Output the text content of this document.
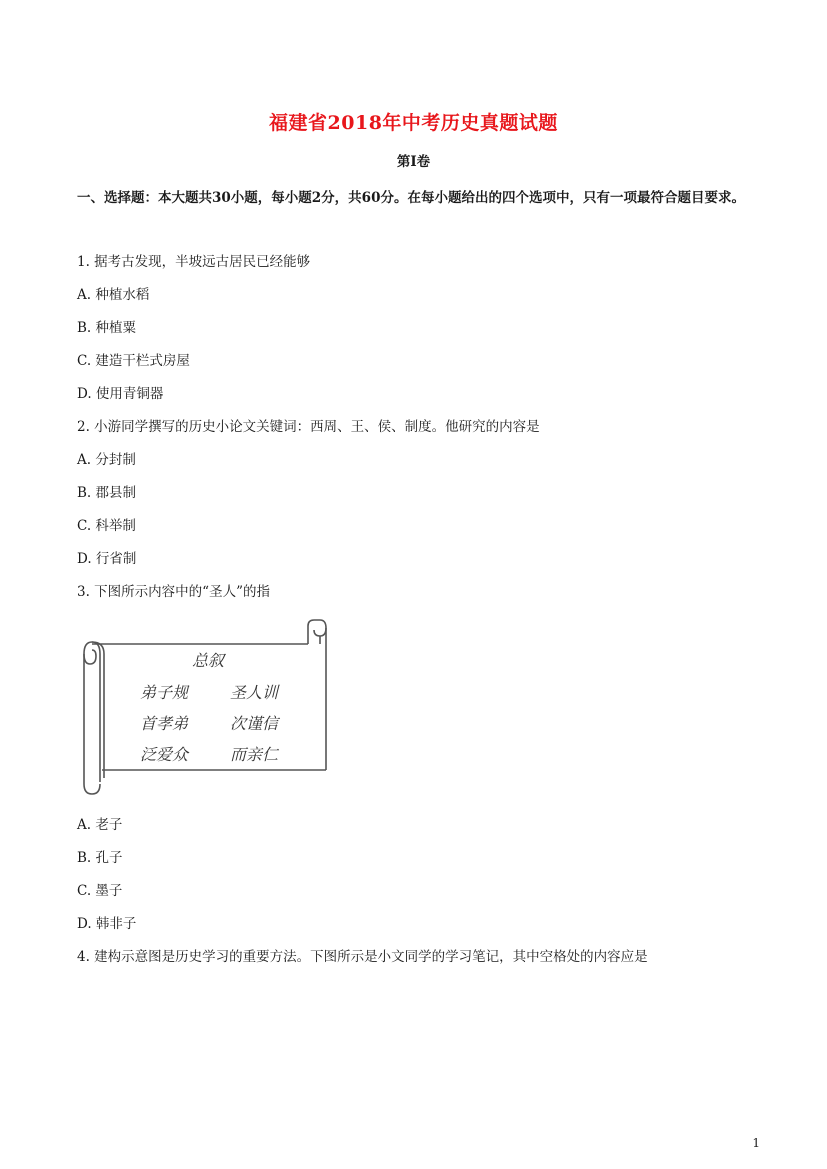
福建省2018年中考历史真题试题
第I卷
一、选择题：本大题共30小题，每小题2分，共60分。在每小题给出的四个选项中，只有一项最符合题目要求。
1. 据考古发现，半坡远古居民已经能够
A. 种植水稻
B. 种植粟
C. 建造干栏式房屋
D. 使用青铜器
2. 小游同学撰写的历史小论文关键词：西周、王、侯、制度。他研究的内容是
A. 分封制
B. 郡县制
C. 科举制
D. 行省制
3. 下图所示内容中的“圣人”的指
总叙
弟子规	圣人训
首孝弟	次谨信
泛爱众	而亲仁
A. 老子
B. 孔子
C. 墨子
D. 韩非子
4. 建构示意图是历史学习的重要方法。下图所示是小文同学的学习笔记，其中空格处的内容应是
1
